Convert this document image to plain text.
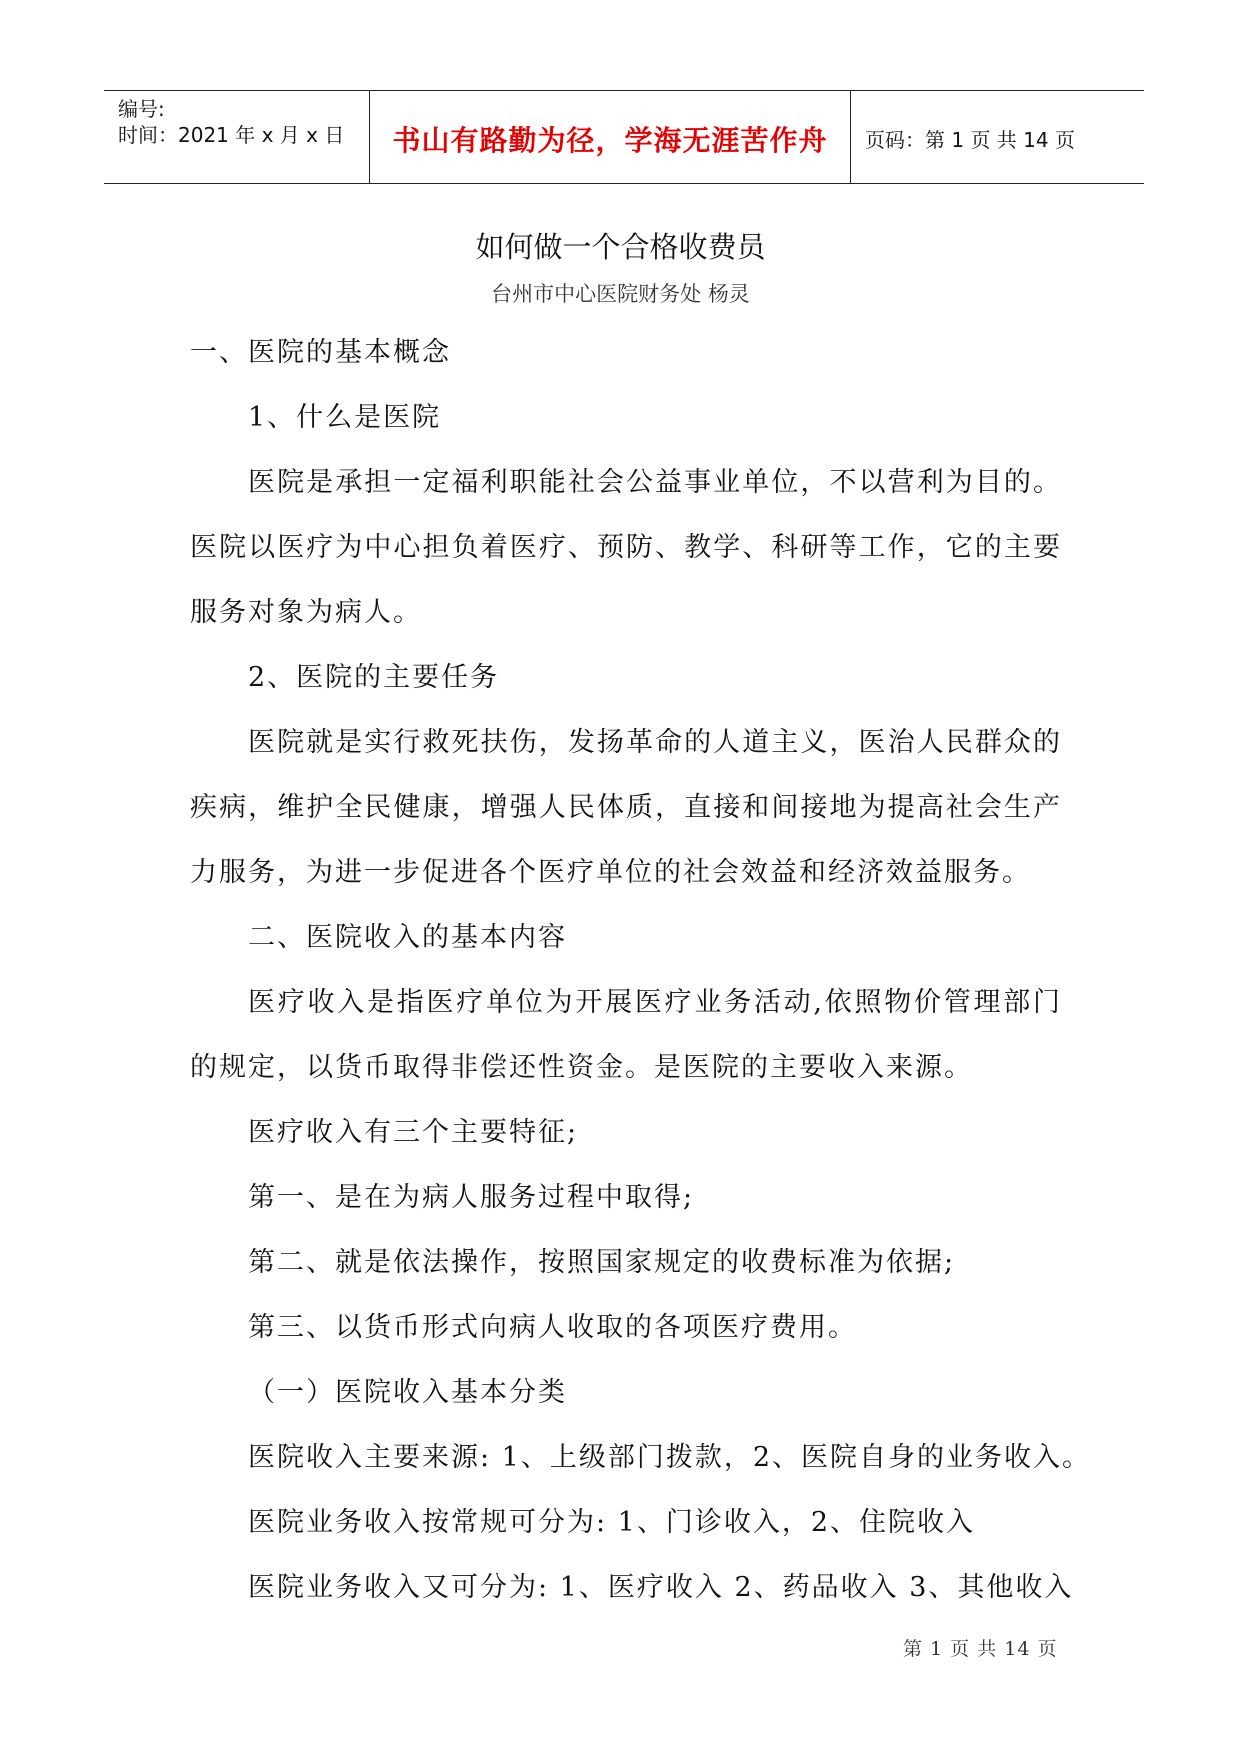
编号:
时间：2021 年 x 月 x 日	书山有路勤为径，学海无涯苦作舟	页码：第 1 页 共 14 页
如何做一个合格收费员
台州市中心医院财务处 杨灵

一、医院的基本概念

1、什么是医院

医院是承担一定福利职能社会公益事业单位，不以营利为目的。医院以医疗为中心担负着医疗、预防、教学、科研等工作，它的主要服务对象为病人。

2、医院的主要任务

医院就是实行救死扶伤，发扬革命的人道主义，医治人民群众的疾病，维护全民健康，增强人民体质，直接和间接地为提高社会生产力服务，为进一步促进各个医疗单位的社会效益和经济效益服务。

二、医院收入的基本内容

医疗收入是指医疗单位为开展医疗业务活动,依照物价管理部门的规定，以货币取得非偿还性资金。是医院的主要收入来源。

医疗收入有三个主要特征;

第一、是在为病人服务过程中取得;

第二、就是依法操作，按照国家规定的收费标准为依据;

第三、以货币形式向病人收取的各项医疗费用。

（一）医院收入基本分类

医院收入主要来源: 1、上级部门拨款，2、医院自身的业务收入。

医院业务收入按常规可分为: 1、门诊收入，2、住院收入

医院业务收入又可分为: 1、医疗收入 2、药品收入 3、其他收入

第 1 页 共 14 页
